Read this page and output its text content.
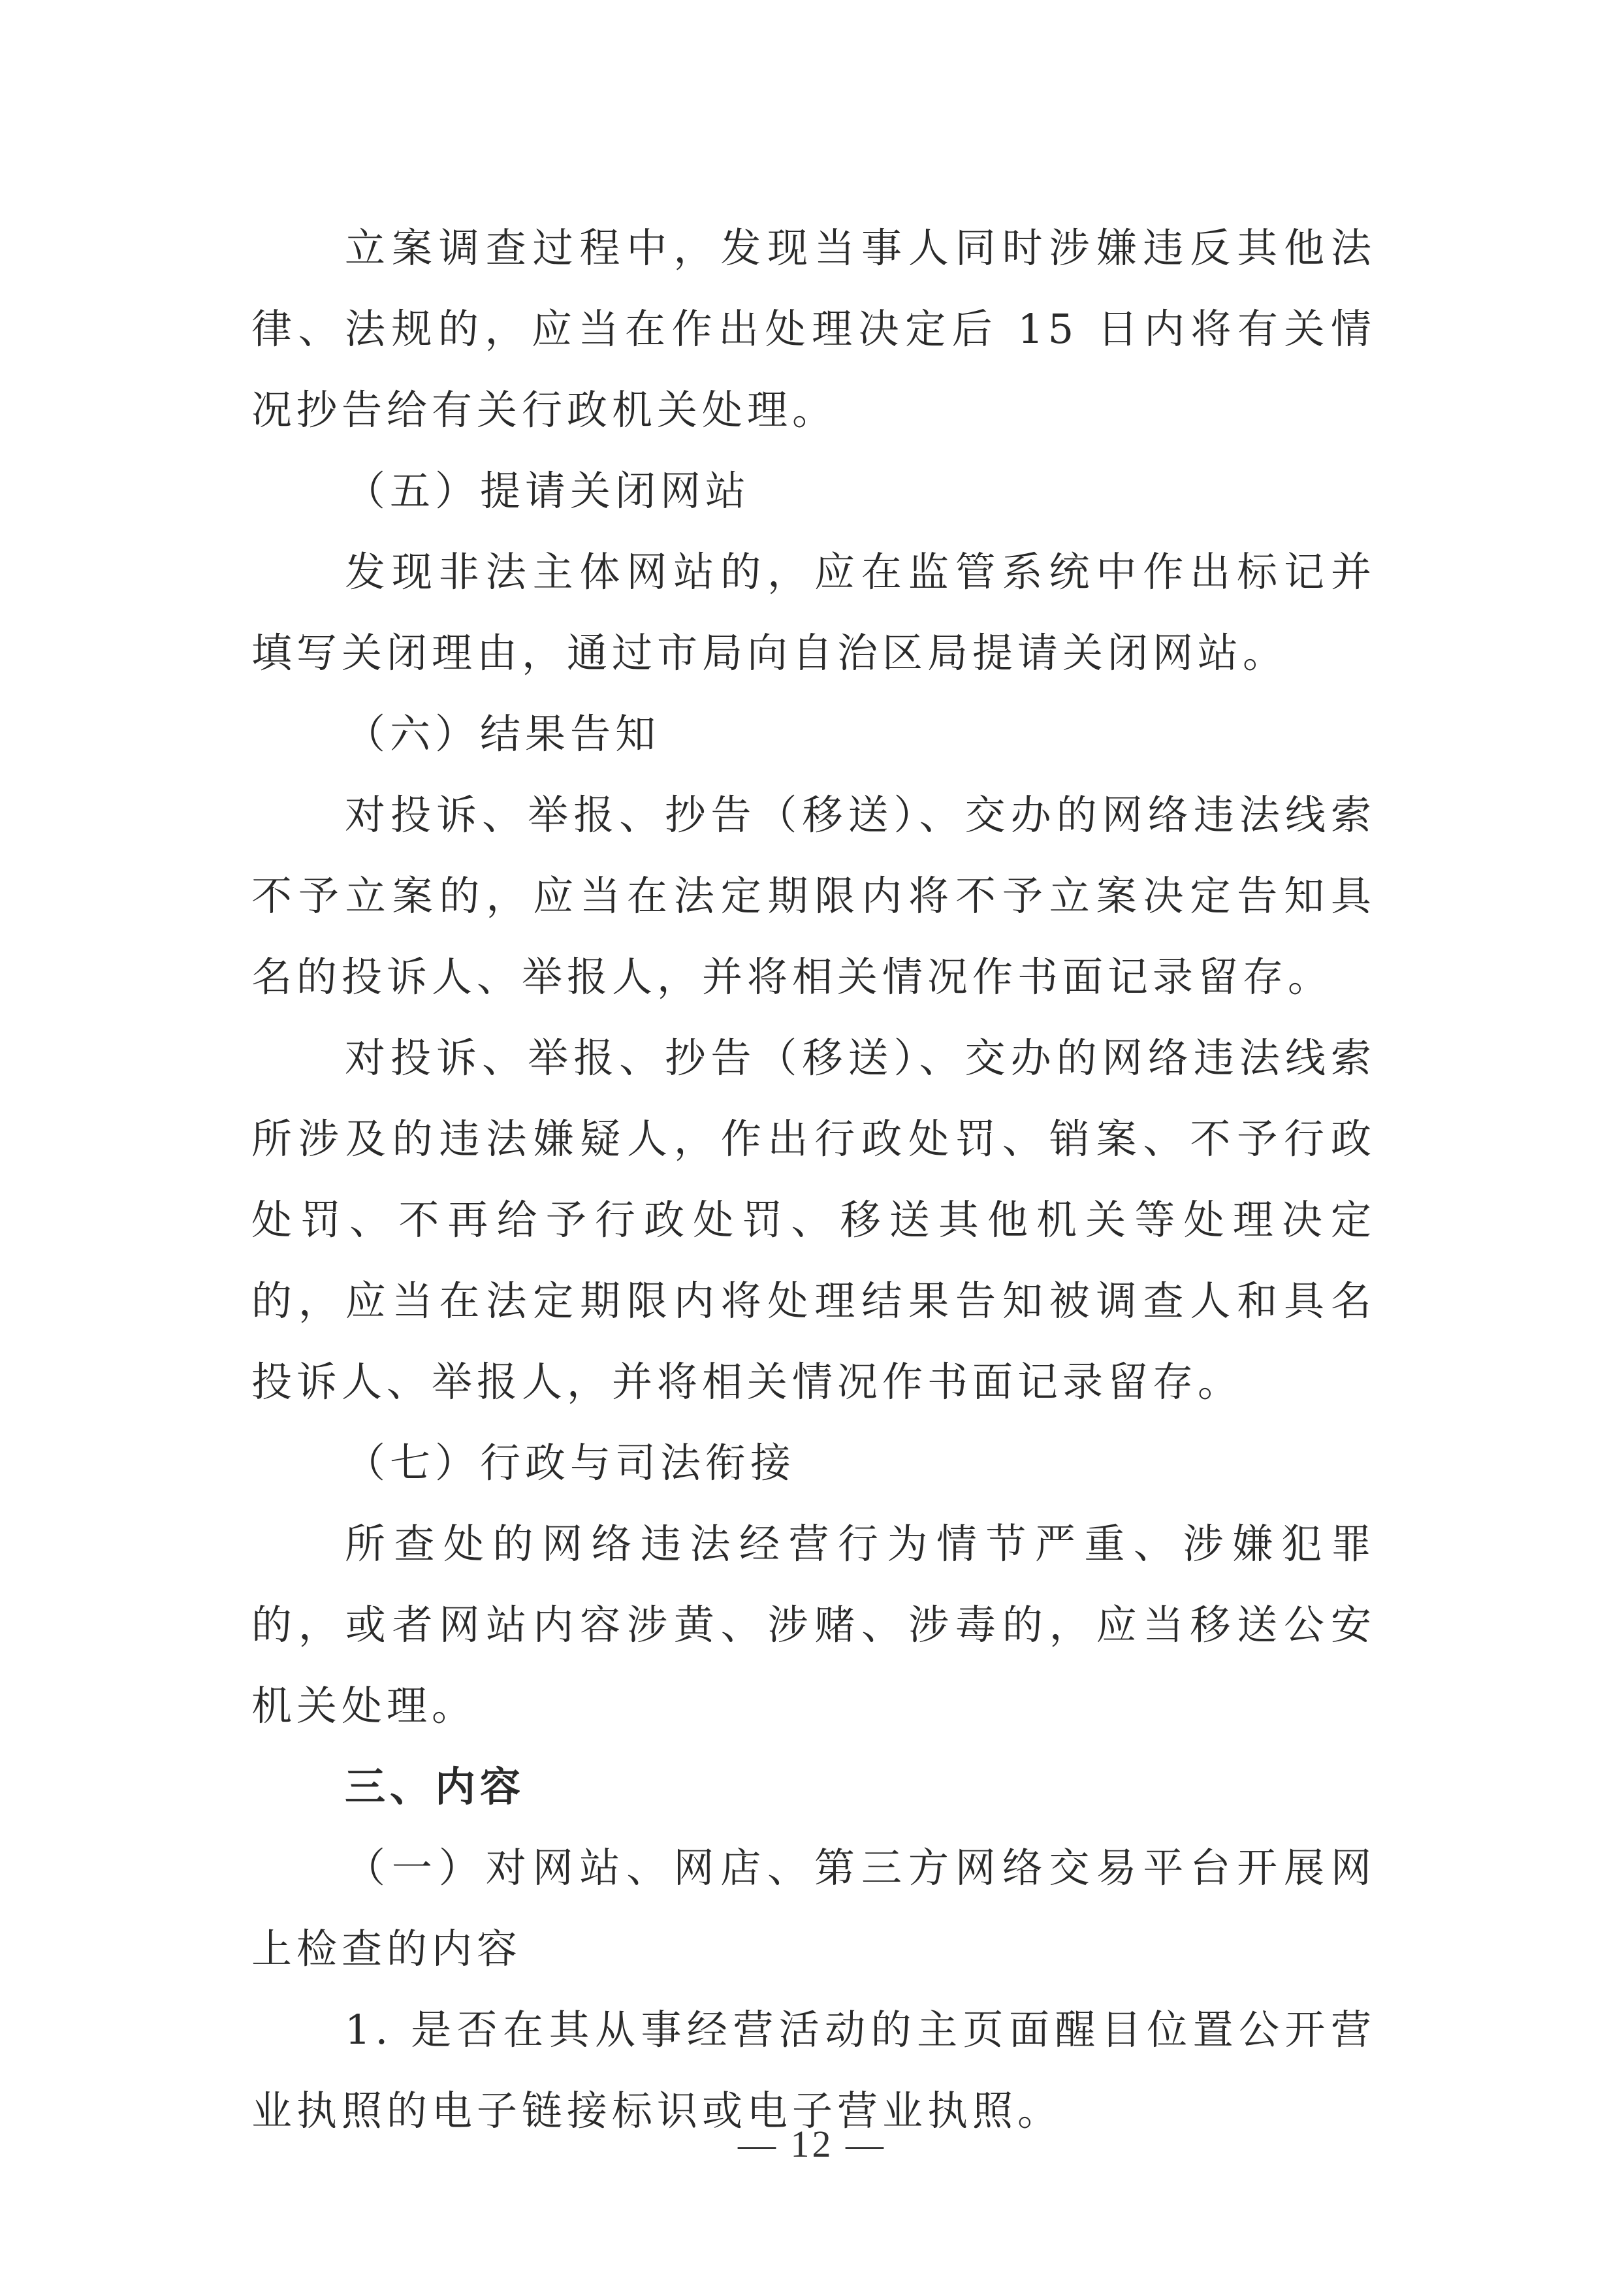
立案调查过程中，发现当事人同时涉嫌违反其他法律、法规的，应当在作出处理决定后 15 日内将有关情况抄告给有关行政机关处理。

（五）提请关闭网站

发现非法主体网站的，应在监管系统中作出标记并填写关闭理由，通过市局向自治区局提请关闭网站。

（六）结果告知

对投诉、举报、抄告（移送）、交办的网络违法线索不予立案的，应当在法定期限内将不予立案决定告知具名的投诉人、举报人，并将相关情况作书面记录留存。

对投诉、举报、抄告（移送）、交办的网络违法线索所涉及的违法嫌疑人，作出行政处罚、销案、不予行政处罚、不再给予行政处罚、移送其他机关等处理决定的，应当在法定期限内将处理结果告知被调查人和具名投诉人、举报人，并将相关情况作书面记录留存。

（七）行政与司法衔接

所查处的网络违法经营行为情节严重、涉嫌犯罪的，或者网站内容涉黄、涉赌、涉毒的，应当移送公安机关处理。

三、内容

（一）对网站、网店、第三方网络交易平台开展网上检查的内容

1. 是否在其从事经营活动的主页面醒目位置公开营业执照的电子链接标识或电子营业执照。

— 12 —
